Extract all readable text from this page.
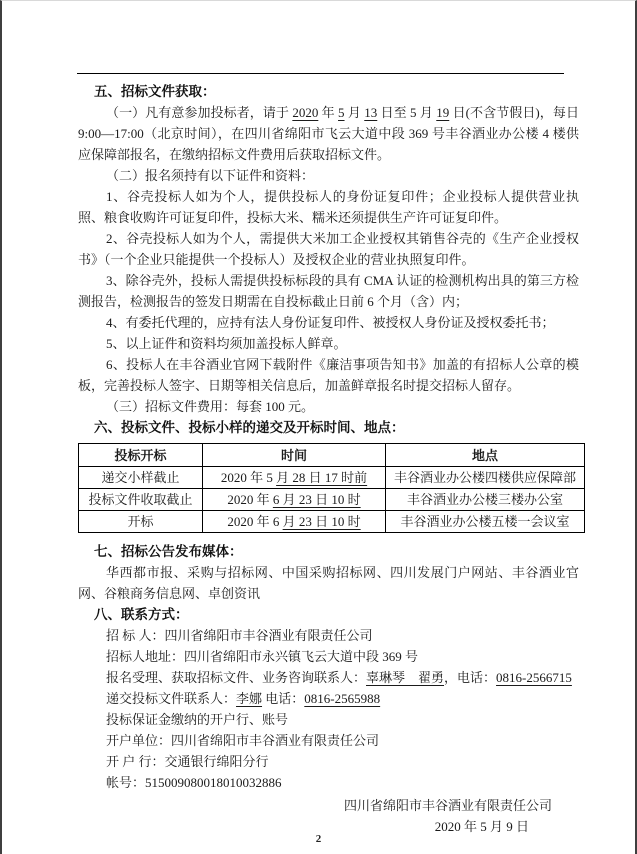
五、招标文件获取：

（一）凡有意参加投标者，请于 2020 年 5 月 13 日至 5 月 19 日(不含节假日)，每日 9:00—17:00（北京时间），在四川省绵阳市飞云大道中段 369 号丰谷酒业办公楼 4 楼供应保障部报名，在缴纳招标文件费用后获取招标文件。

（二）报名须持有以下证件和资料：

1、谷壳投标人如为个人，提供投标人的身份证复印件；企业投标人提供营业执照、粮食收购许可证复印件，投标大米、糯米还须提供生产许可证复印件。

2、谷壳投标人如为个人，需提供大米加工企业授权其销售谷壳的《生产企业授权书》（一个企业只能提供一个投标人）及授权企业的营业执照复印件。

3、除谷壳外，投标人需提供投标标段的具有 CMA 认证的检测机构出具的第三方检测报告，检测报告的签发日期需在自投标截止日前 6 个月（含）内；

4、有委托代理的，应持有法人身份证复印件、被授权人身份证及授权委托书；

5、以上证件和资料均须加盖投标人鲜章。

6、投标人在丰谷酒业官网下载附件《廉洁事项告知书》加盖的有招标人公章的模板，完善投标人签字、日期等相关信息后，加盖鲜章报名时提交招标人留存。

（三）招标文件费用：每套 100 元。

六、投标文件、投标小样的递交及开标时间、地点：
投标开标	时间	地点
递交小样截止	2020 年 5 月 28 日 17 时前	丰谷酒业办公楼四楼供应保障部
投标文件收取截止	2020 年 6 月 23 日 10 时	丰谷酒业办公楼三楼办公室
开标	2020 年 6 月 23 日 10 时	丰谷酒业办公楼五楼一会议室
七、招标公告发布媒体：

华西都市报、采购与招标网、中国采购招标网、四川发展门户网站、丰谷酒业官网、谷粮商务信息网、卓创资讯

八、联系方式：

招 标 人：四川省绵阳市丰谷酒业有限责任公司

招标人地址：四川省绵阳市永兴镇飞云大道中段 369 号

报名受理、获取招标文件、业务咨询联系人：辜琳琴　翟勇，电话：0816-2566715

递交投标文件联系人：李娜 电话：0816-2565988

投标保证金缴纳的开户行、账号

开户单位：四川省绵阳市丰谷酒业有限责任公司

开 户 行：交通银行绵阳分行

帐号：515009080018010032886

四川省绵阳市丰谷酒业有限责任公司
2020 年 5 月 9 日
2
